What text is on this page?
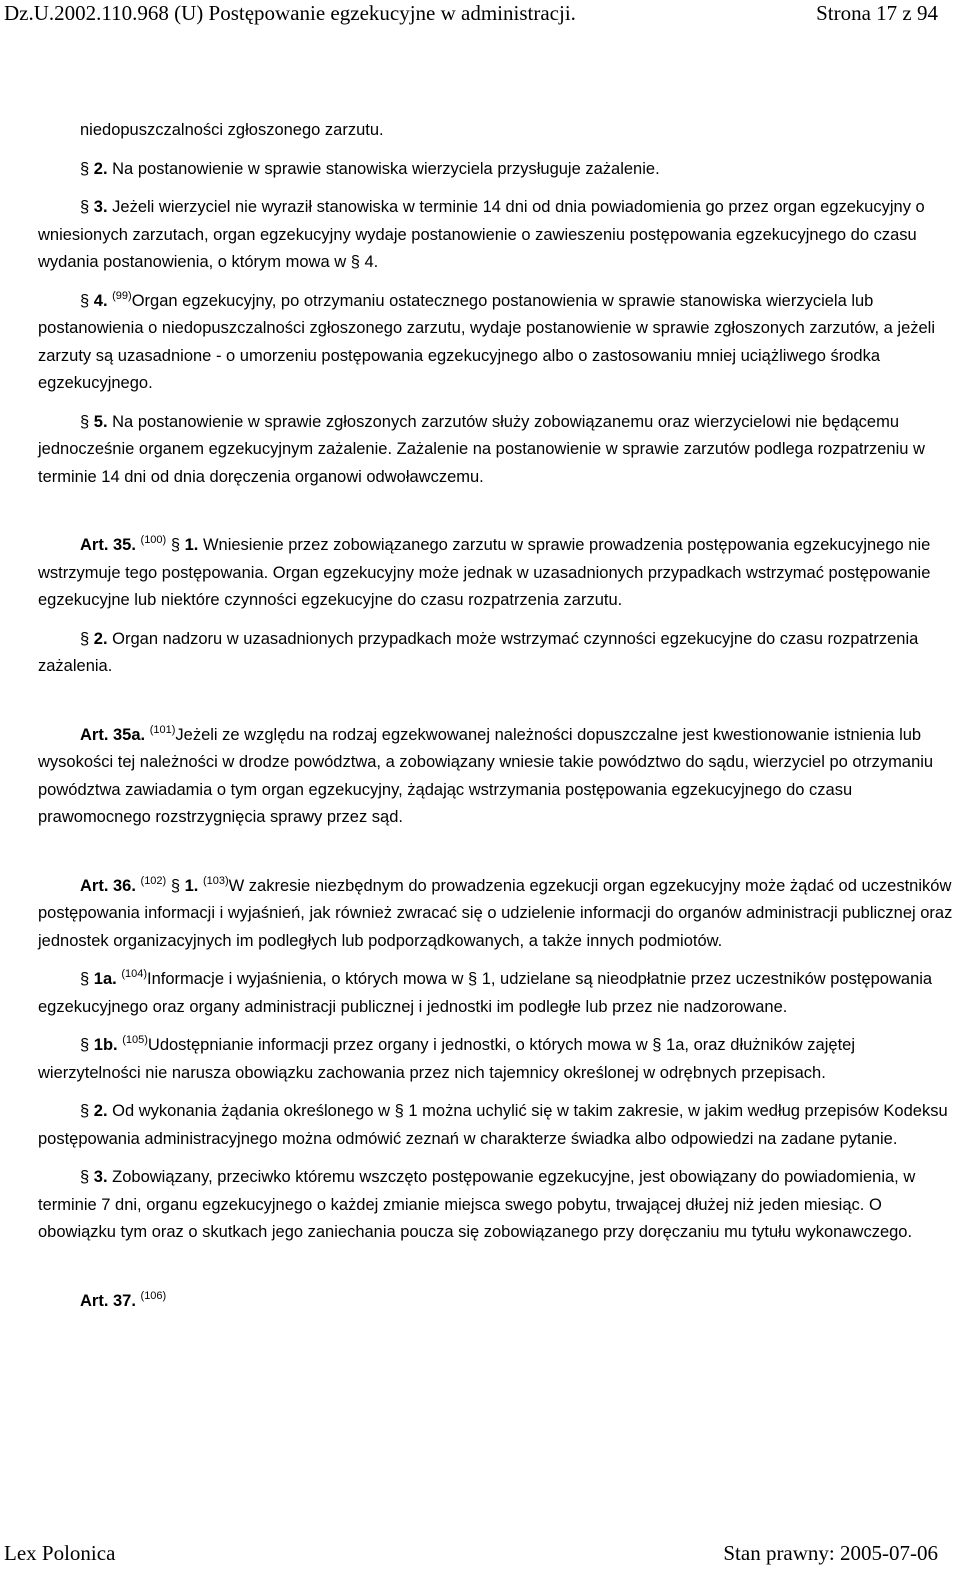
Dz.U.2002.110.968 (U) Postępowanie egzekucyjne w administracji.	Strona 17 z 94

niedopuszczalności zgłoszonego zarzutu.

§ 2. Na postanowienie w sprawie stanowiska wierzyciela przysługuje zażalenie.

§ 3. Jeżeli wierzyciel nie wyraził stanowiska w terminie 14 dni od dnia powiadomienia go przez organ egzekucyjny o wniesionych zarzutach, organ egzekucyjny wydaje postanowienie o zawieszeniu postępowania egzekucyjnego do czasu wydania postanowienia, o którym mowa w § 4.

§ 4. $^{(99)}$Organ egzekucyjny, po otrzymaniu ostatecznego postanowienia w sprawie stanowiska wierzyciela lub postanowienia o niedopuszczalności zgłoszonego zarzutu, wydaje postanowienie w sprawie zgłoszonych zarzutów, a jeżeli zarzuty są uzasadnione - o umorzeniu postępowania egzekucyjnego albo o zastosowaniu mniej uciążliwego środka egzekucyjnego.

§ 5. Na postanowienie w sprawie zgłoszonych zarzutów służy zobowiązanemu oraz wierzycielowi nie będącemu jednocześnie organem egzekucyjnym zażalenie. Zażalenie na postanowienie w sprawie zarzutów podlega rozpatrzeniu w terminie 14 dni od dnia doręczenia organowi odwoławczemu.

Art. 35. $^{(100)}$ § 1. Wniesienie przez zobowiązanego zarzutu w sprawie prowadzenia postępowania egzekucyjnego nie wstrzymuje tego postępowania. Organ egzekucyjny może jednak w uzasadnionych przypadkach wstrzymać postępowanie egzekucyjne lub niektóre czynności egzekucyjne do czasu rozpatrzenia zarzutu.

§ 2. Organ nadzoru w uzasadnionych przypadkach może wstrzymać czynności egzekucyjne do czasu rozpatrzenia zażalenia.

Art. 35a. $^{(101)}$Jeżeli ze względu na rodzaj egzekwowanej należności dopuszczalne jest kwestionowanie istnienia lub wysokości tej należności w drodze powództwa, a zobowiązany wniesie takie powództwo do sądu, wierzyciel po otrzymaniu powództwa zawiadamia o tym organ egzekucyjny, żądając wstrzymania postępowania egzekucyjnego do czasu prawomocnego rozstrzygnięcia sprawy przez sąd.

Art. 36. $^{(102)}$ § 1. $^{(103)}$W zakresie niezbędnym do prowadzenia egzekucji organ egzekucyjny może żądać od uczestników postępowania informacji i wyjaśnień, jak również zwracać się o udzielenie informacji do organów administracji publicznej oraz jednostek organizacyjnych im podległych lub podporządkowanych, a także innych podmiotów.

§ 1a. $^{(104)}$Informacje i wyjaśnienia, o których mowa w § 1, udzielane są nieodpłatnie przez uczestników postępowania egzekucyjnego oraz organy administracji publicznej i jednostki im podległe lub przez nie nadzorowane.

§ 1b. $^{(105)}$Udostępnianie informacji przez organy i jednostki, o których mowa w § 1a, oraz dłużników zajętej wierzytelności nie narusza obowiązku zachowania przez nich tajemnicy określonej w odrębnych przepisach.

§ 2. Od wykonania żądania określonego w § 1 można uchylić się w takim zakresie, w jakim według przepisów Kodeksu postępowania administracyjnego można odmówić zeznań w charakterze świadka albo odpowiedzi na zadane pytanie.

§ 3. Zobowiązany, przeciwko któremu wszczęto postępowanie egzekucyjne, jest obowiązany do powiadomienia, w terminie 7 dni, organu egzekucyjnego o każdej zmianie miejsca swego pobytu, trwającej dłużej niż jeden miesiąc. O obowiązku tym oraz o skutkach jego zaniechania poucza się zobowiązanego przy doręczaniu mu tytułu wykonawczego.

Art. 37. $^{(106)}$

Lex Polonica	Stan prawny: 2005-07-06
